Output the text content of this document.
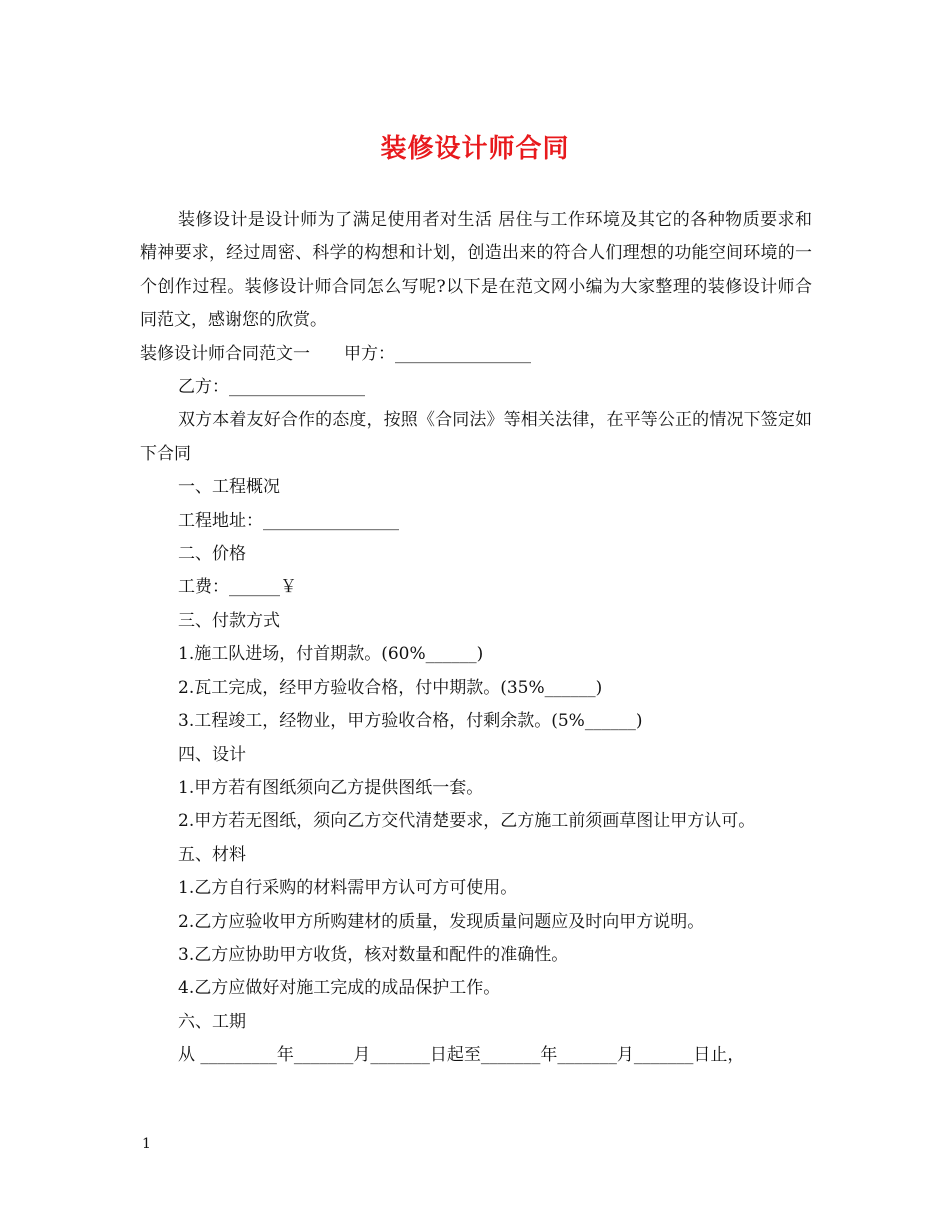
装修设计师合同

装修设计是设计师为了满足使用者对生活 居住与工作环境及其它的各种物质要求和精神要求，经过周密、科学的构想和计划，创造出来的符合人们理想的功能空间环境的一个创作过程。装修设计师合同怎么写呢?以下是在范文网小编为大家整理的装修设计师合同范文，感谢您的欣赏。

装修设计师合同范文一　　甲方：________________

乙方：________________

双方本着友好合作的态度，按照《合同法》等相关法律，在平等公正的情况下签定如下合同

一、工程概况

工程地址：________________

二、价格

工费：______￥

三、付款方式

1.施工队进场，付首期款。(60%______)

2.瓦工完成，经甲方验收合格，付中期款。(35%______)

3.工程竣工，经物业，甲方验收合格，付剩余款。(5%______)

四、设计

1.甲方若有图纸须向乙方提供图纸一套。

2.甲方若无图纸，须向乙方交代清楚要求，乙方施工前须画草图让甲方认可。

五、材料

1.乙方自行采购的材料需甲方认可方可使用。

2.乙方应验收甲方所购建材的质量，发现质量问题应及时向甲方说明。

3.乙方应协助甲方收货，核对数量和配件的准确性。

4.乙方应做好对施工完成的成品保护工作。

六、工期

从 _________年_______月_______日起至_______年_______月_______日止，

1
